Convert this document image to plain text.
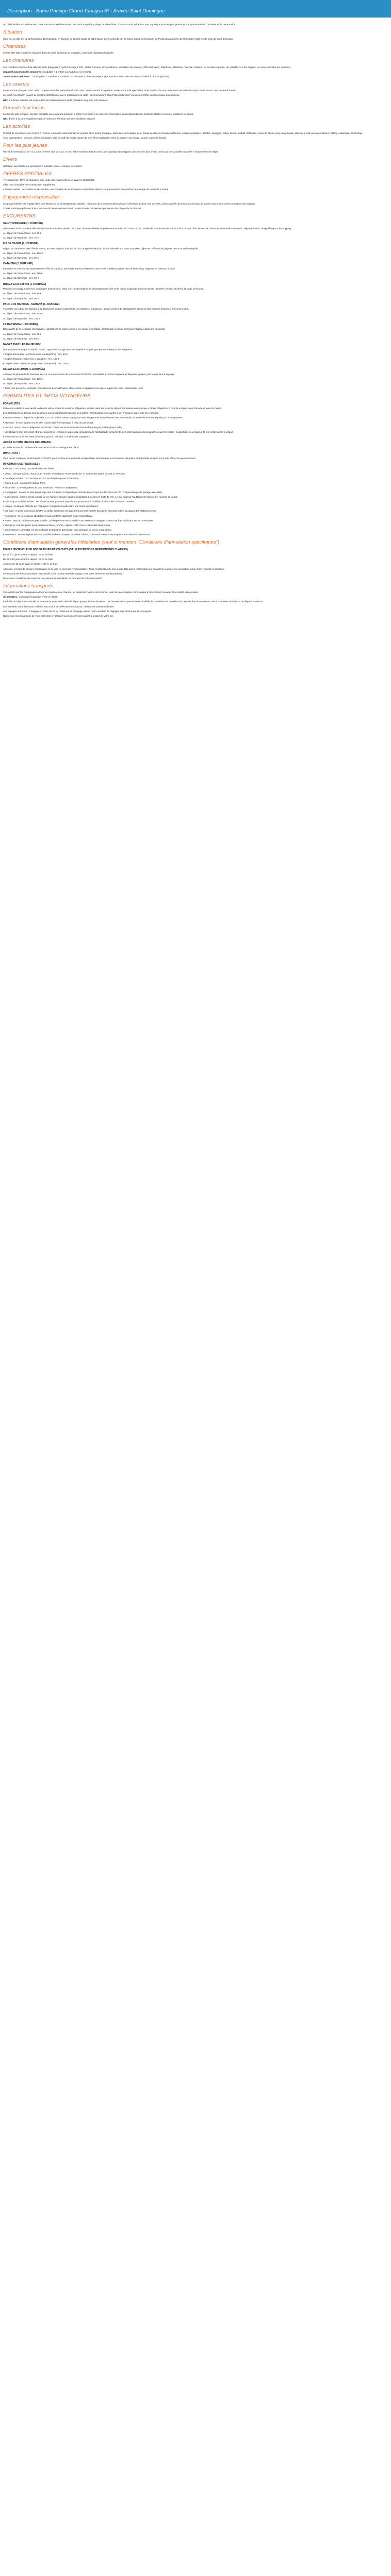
Description - Bahia Principe Grand Tanagua 5* - Arrivée Saint Domingue
Un hôtel familial aux ambiances, dans une nature exubérante non loin de la magnifique plage de sable blanc d'Arena Gorda, offrant un parc aquatique pour les plus jeunes et une grande variété d'activités et de restauration.
Situation
Situé sur la côte Est de la République Dominicaine, en bordure de la belle plage de sable blanc d'Arena Gorda (un 2e ligne), 25 km de l'aéroport de Punta Cana (30 min de transfert) et 320 km de celui de Saint Domingue.
Chambres
L'hôtel offre 360 chambres réparties dans de petits bâtiments de 3 étages, cernés de végétation tropicale.
Les chambres
Les chambres disposent de salle de bains (baignoire à hydromassage / WC), sèche-cheveux, air conditionné, ventilateur de plafond, coffre-fort, Wi-Fi, téléphone, télévision, mini-bar, et balcon ou terrasse équipée. Un grand lit ou 2 lits simples. Le service minibar est quotidien.
Capacité maximum des chambres : 3 adultes + 1 enfant ou 2 adultes et 2 enfants.
Junior suite supérieure : 1 lit King size / 2 adultes + 2 enfants, 60 m² environ, dans un espace plus spacieux avec salon et terrasse, bains à remous (jacuzzi).
Les saveurs
Le restaurant principal "Las Cañas" propose un buffet international. À la carte : un restaurant à la piscine, un restaurant de spécialités, ainsi que l'accès aux restaurants de Bahia Principe Grand Punta Cana et Grand Bavaro.
Le snack "La Choza" (ouvert de 10h00 à 18h00) ainsi que le restaurant à la carte (sur réservation) "Don Pablo Collection" complètent l'offre gastronomique du complexe.
NB : une tenue correcte est exigée dans les restaurants à la carte (pantalon long pour les hommes).
Formule tout inclus
La formule tout compris : pension complète au restaurant principal, 2 dîners / semaine à la carte (sur réservation, selon disponibilités), boissons locales à volonté, collations au snack.
NB : dîners à la carte supplémentaires et boissons Premium sur intermédiation payante.
Les activités
Profitez de la piscine et de 2 bains à remous. Animation internationale en journée et en soirée (musique, barbecue sur la plage, jeux, fouras de dîners et soirées à thème). Activités gratuites : aérobic, aquagym, volley, tennis, football, fléchettes, cours de danse, ping-pong, kayak, planche à voile (selon conditions météo), catamaran, snorkeling.
Avec participation : plongée, pêche, équitation, club de golf (18 trous), centre de bien-être (massages, soins du corps et du visage, sauna), salon de beauté.
Pour les plus jeunes
Mini-club international de 4 à 12 ans, et Teen club de 13 à 17 ans, selon horaires. Bientôt avec parc aquatique (toboggans, piscine avec jeux d'eau), ainsi que des activités adaptées à chaque tranche d'âge.
Divers
Hôtel non accessible aux personnes à mobilité réduite. Animaux non admis.
OFFRES SPECIALES
• Réservez tôt : 10 % de réduction pour toute réservation effectuée avant le 31/03/2026.
Offre non cumulable hors transport et supplément.
• Jeunes mariés : décoration de la chambre, une bouteille de vin mousseux et un dîner spécial (sur présentation du certificat de mariage de moins de 6 mois).
Engagement responsable
Le groupe hôtelier est engagé dans une démarche de développement durable : réduction de la consommation d'eau et d'énergie, gestion des déchets, achats auprès de producteurs locaux et soutien aux projets communautaires de la région.
L'hôtel participe également à la protection de l'environnement marin et des tortues qui viennent pondre sur les plages de la côte Est.
EXCURSIONS
SAINT DOMINGUE (1 JOURNÉE)
Découverte de la première ville fondée dans le Nouveau Monde : la Zone Coloniale classée au patrimoine mondial de l'UNESCO, la cathédrale Santa Maria la Menor, l'Alcazar de Colón, la rue Las Damas et le Panthéon National. Déjeuner inclus. Temps libre pour le shopping.
Au départ de Punta Cana : env. 95 €
Au départ de Bayahibe : env. 75 €
ÎLE DE SAONA (1 JOURNÉE)
Départ en catamaran vers l'île de Saona, au cœur du parc national de l'Est. Baignade dans la piscine naturelle aux eaux turquoise, déjeuner buffet sur la plage et retour en vedette rapide.
Au départ de Punta Cana : env. 105 €
Au départ de Bayahibe : env. 85 €
CATALINA (1 JOURNÉE)
Excursion en mer sur un catamaran vers l'île de Catalina, ses fonds marins préservés et ses récifs coralliens, idéals pour le snorkeling. Déjeuner et boissons à bord.
Au départ de Punta Cana : env. 110 €
Au départ de Bayahibe : env. 90 €
BUGGY ECO SAFARI (1 JOURNÉE)
Parcours en buggy à travers la campagne dominicaine, visite d'un ranch traditionnel, dégustation de café et de cacao, baignade dans une grotte naturelle (cenote) et arrêt à la plage de Macao.
Au départ de Punta Cana : env. 90 €
Au départ de Bayahibe : env. 90 €
PARC LOS HAITISES - SAMANÁ (1 JOURNÉE)
Traversée de la baie de Samaná à la découverte du parc national de Los Haitises : mangroves, grottes ornées de pétroglyphes taïnos et îlots peuplés d'oiseaux. Déjeuner inclus.
Au départ de Punta Cana : env. 145 €
Au départ de Bayahibe : env. 145 €
LA HACIENDA (1 JOURNÉE)
Découverte de la vie rurale dominicaine : plantations de canne à sucre, de cacao et de tabac, promenade à cheval et déjeuner typique dans une hacienda.
Au départ de Punta Cana : env. 75 €
Au départ de Bayahibe : env. 80 €
NAGEZ AVEC LES DAUPHINS !
Une expérience unique à Dolphin Island : approche et nage avec les dauphins en petit groupe, encadrée par des soigneurs.
• Dolphin Encounter (rencontre avec les dauphins) : env. 95 €
• Dolphin Explorer (nage avec 1 dauphin) : env. 125 €
• Dolphin Swim Adventure (nage avec 2 dauphins) : env. 145 €
SAFARI ECO LIMÓN (1 JOURNÉE)
À travers la péninsule de Samaná, en 4x4, à la découverte de la cascade d'El Limón, accessible à cheval, baignade et déjeuner typique, puis temps libre à la plage.
Au départ de Punta Cana : env. 125 €
Au départ de Bayahibe : env. 125 €
* Tarifs (par personne) indicatifs, sous réserve de modification. Réservation et règlement sur place auprès de notre représentant local.
FORMALITES ET INFOS VOYAGEURS
FORMALITÉS :
Passeport valable 6 mois après la date de retour. Carte de tourisme obligatoire, incluse dans les taxes de départ. Formulaire électronique e-Ticket obligatoire, à remplir en ligne avant l'arrivée et avant le départ.
Les informations ci-dessus sont destinées aux ressortissants français. Les autres ressortissants sont invités à se renseigner auprès de leur consulat.
• Enfants mineurs : depuis le 15 janvier 2017, un enfant mineur voyageant sans ses parents doit présenter une autorisation de sortie du territoire signée par un des parents.
• Attention : le nom figurant sur le billet d'avion doit être identique à celui du passeport.
• Vaccins : aucun vaccin obligatoire. Protection contre les moustiques recommandée (dengue, chikungunya, Zika).
• Les titulaires d'un passeport étranger doivent se renseigner auprès du consulat ou de l'ambassade compétente. Les informations communiquées peuvent évoluer ; il appartient au voyageur de les vérifier avant le départ.
• Informations sur le site www.diplomatie.gouv.fr, rubrique "Conseils aux voyageurs".
ACCÈS AU SITE FRANCE DIPLOMATIE :
Accédez au site de l'Ambassade de France à Saint-Domingue sur place.
IMPORTANT :
Vous devez compléter le formulaire E-TICKET pour l'entrée et la sortie de la République Dominicaine. Le formulaire est gratuit et disponible en ligne sur le site officiel du gouvernement.
INFORMATIONS PRATIQUES :
• Animaux : ils ne sont pas admis dans les hôtels.
• Climat : climat tropical ; chaud toute l'année, température moyenne de 28 °C, saison des pluies de mai à novembre.
• Décalage horaire : - 5 h en hiver et - 6 h en été par rapport à la France.
• Durée du vol : environ 9 h depuis Paris.
• Électricité : 110 volts, prises de type américain. Prévoir un adaptateur.
• Géographie : deuxième plus grand pays des Caraïbes, la République Dominicaine occupe les deux tiers de l'île d'Hispaniola qu'elle partage avec Haïti.
• Gastronomie : cuisine créole à base de riz, haricots rouges, bananes plantains, poissons et fruits de mer. Le plat national "La Bandera" associe riz, haricots et viande.
• Handicap et mobilité réduite : les hôtels ne sont pas tous adaptés aux personnes à mobilité réduite, merci de nous consulter.
• Langue : la langue officielle est l'espagnol ; l'anglais est parlé dans les zones touristiques.
• Monnaie : le peso dominicain (DOP). Le dollar américain est largement accepté. Cartes bancaires acceptées dans la plupart des établissements.
• Pourboires : ils ne sont pas obligatoires mais sont très appréciés du personnel local.
• Santé : l'eau du robinet n'est pas potable ; privilégiez l'eau en bouteille. Une assurance voyage couvrant les frais médicaux est recommandée.
• Shopping : larimar (pierre semi-précieuse bleue), ambre, cigares, café, rhum et chocolat dominicains.
• Sites internet : consultez les sites officiels du tourisme dominicain pour préparer au mieux votre séjour.
• Vêtements : tenues légères en coton, maillot de bain, chapeau et crème solaire ; une tenue correcte est exigée le soir dans les restaurants.
Conditions d'annulation générales Hôtelades (sauf si mention "Conditions d'annulation spécifiques")
POUR L'ENSEMBLE DE NOS SÉJOURS ET CIRCUITS (SAUF EXCEPTIONS MENTIONNÉES CI-APRÈS) :
De 60 à 31 jours avant le départ : 30 % de frais.
De 30 à 15 jours avant le départ : 60 % de frais.
À moins de 15 jours avant le départ : 100 % de frais.
Attention, les frais de dossier, d'assurance et de visa ne sont pas remboursables. Toute modification de nom ou de date après confirmation est considérée comme une annulation suivie d'une nouvelle réservation.
Le montant des frais d'annulation est calculé sur le montant total du voyage, hors taxes aériennes remboursables.
Nous vous conseillons de souscrire une assurance annulation au moment de votre réservation.
Informations transports
Vols opérés par les compagnies aériennes régulières ou charters, au départ de Paris et de province. Nom de la compagnie communiqué à titre indicatif, pouvant être modifié sans préavis.
Air Caraïbes : compagnie française créée en 2000.
La durée du séjour est calculée en nombre de nuits, de la date de départ jusqu'à la date de retour. Les horaires de vol peuvent être modifiés, la première et la dernière nuit peuvent être écourtées en raison d'arrivées tardives ou de départs matinaux.
Les transferts entre l'aéroport et l'hôtel sont inclus et s'effectuent en autocar, minibus ou navette collective.
Les bagages autorisés : 1 bagage en soute de 23 kg maximum et 1 bagage cabine. Tout excédent de bagages sera facturé par la compagnie.
Nous vous recommandons de vous présenter à l'aéroport au moins 3 heures avant le départ de votre vol.
